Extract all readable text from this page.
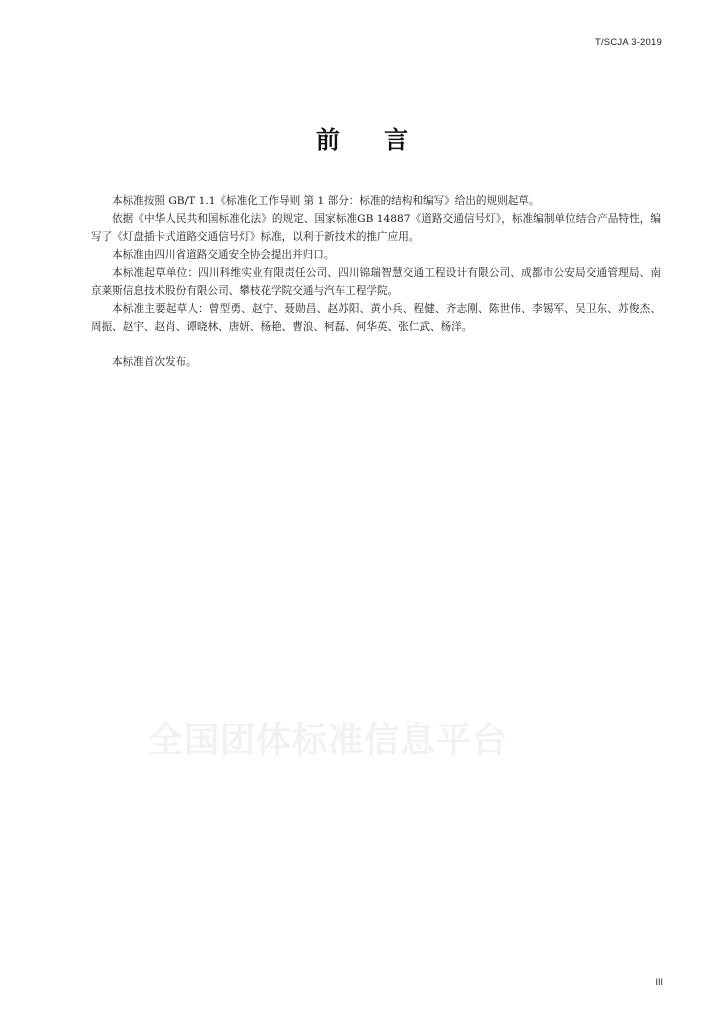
T/SCJA 3-2019
前 言

本标准按照 GB/T 1.1《标准化工作导则 第 1 部分：标准的结构和编写》给出的规则起草。

依据《中华人民共和国标准化法》的规定、国家标准GB 14887《道路交通信号灯》，标准编制单位结合产品特性，编写了《灯盘插卡式道路交通信号灯》标准，以利于新技术的推广应用。

本标准由四川省道路交通安全协会提出并归口。

本标准起草单位：四川科维实业有限责任公司、四川锦瑞智慧交通工程设计有限公司、成都市公安局交通管理局、南京莱斯信息技术股份有限公司、攀枝花学院交通与汽车工程学院。

本标准主要起草人：曾型勇、赵宁、聂勋昌、赵苏阳、黄小兵、程健、齐志刚、陈世伟、李锡军、吴卫东、苏俊杰、周振、赵宇、赵肖、谭晓林、唐妍、杨艳、曹浪、柯磊、何华英、张仁武、杨洋。

本标准首次发布。

全国团体标准信息平台
III
